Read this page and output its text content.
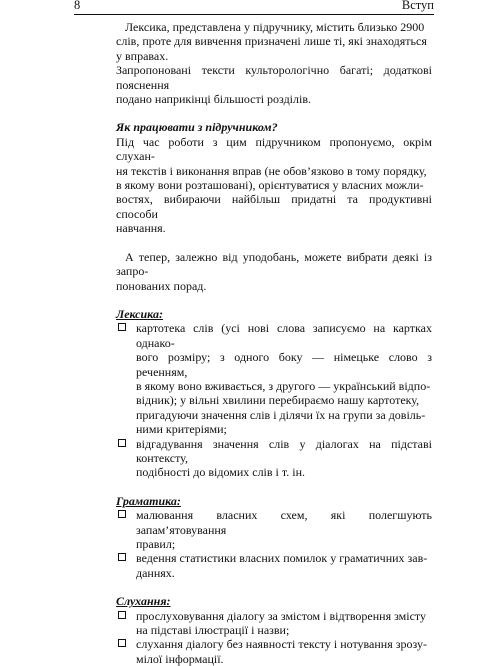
8	Вступ

Лексика, представлена у підручнику, містить близько 2900
слів, проте для вивчення призначені лише ті, які знаходяться
у вправах.

Запропоновані тексти культорологічно багаті; додаткові пояснення
подано наприкінці більшості розділів.

Як працювати з підручником?

Під час роботи з цим підручником пропонуємо, окрім слухан-
ня текстів і виконання вправ (не обов’язково в тому порядку,
в якому вони розташовані), орієнтуватися у власних можли-
востях, вибираючи найбільш придатні та продуктивні способи
навчання.

А тепер, залежно від уподобань, можете вибрати деякі із запро-
понованих порад.

Лексика:

картотека слів (усі нові слова записуємо на картках однако-
вого розміру; з одного боку — німецьке слово з реченням,
в якому воно вживається, з другого — український відпо-
відник); у вільні хвилини перебираємо нашу картотеку,
пригадуючи значення слів і ділячи їх на групи за довіль-
ними критеріями;

відгадування значення слів у діалогах на підставі контексту,
подібності до відомих слів і т. ін.

Граматика:

малювання власних схем, які полегшують запам’ятовування
правил;

ведення статистики власних помилок у граматичних зав-
даннях.

Слухання:

прослуховування діалогу за змістом і відтворення змісту
на підставі ілюстрації і назви;

слухання діалогу без наявності тексту і нотування зрозу-
мілої інформації.
